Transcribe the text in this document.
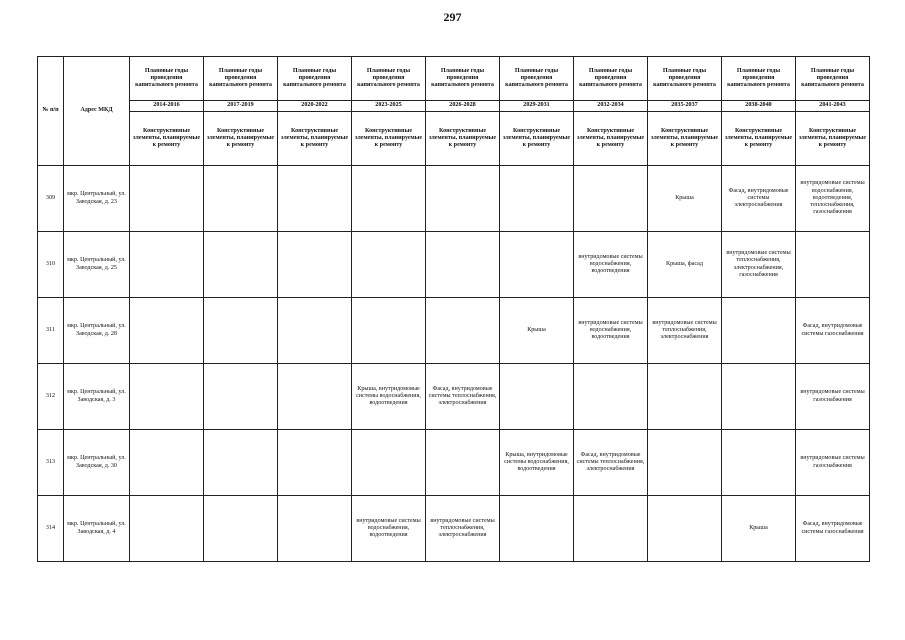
297
№ п/п	Адрес МКД	Плановые годы проведения капитального ремонта	Плановые годы проведения капитального ремонта	Плановые годы проведения капитального ремонта	Плановые годы проведения капитального ремонта	Плановые годы проведения капитального ремонта	Плановые годы проведения капитального ремонта	Плановые годы проведения капитального ремонта	Плановые годы проведения капитального ремонта	Плановые годы проведения капитального ремонта	Плановые годы проведения капитального ремонта
		2014-2016	2017-2019	2020-2022	2023-2025	2026-2028	2029-2031	2032-2034	2035-2037	2038-2040	2041-2043
		Конструктивные элементы, планируемые к ремонту	Конструктивные элементы, планируемые к ремонту	Конструктивные элементы, планируемые к ремонту	Конструктивные элементы, планируемые к ремонту	Конструктивные элементы, планируемые к ремонту	Конструктивные элементы, планируемые к ремонту	Конструктивные элементы, планируемые к ремонту	Конструктивные элементы, планируемые к ремонту	Конструктивные элементы, планируемые к ремонту	Конструктивные элементы, планируемые к ремонту
309	мкр. Центральный, ул. Заводская, д. 23								Крыша	Фасад, внутридомовые системы электроснабжения	внутридомовые системы водоснабжения, водоотведения, теплоснабжения, газоснабжения
310	мкр. Центральный, ул. Заводская, д. 25							внутридомовые системы водоснабжения, водоотведения	Крыша, фасад	внутридомовые системы теплоснабжения, электроснабжения, газоснабжения	
311	мкр. Центральный, ул. Заводская, д. 28						Крыша	внутридомовые системы водоснабжения, водоотведения	внутридомовые системы теплоснабжения, электроснабжения		Фасад, внутридомовые системы газоснабжения
312	мкр. Центральный, ул. Заводская, д. 3				Крыша, внутридомовые системы водоснабжения, водоотведения	Фасад, внутридомовые системы теплоснабжения, электроснабжения					внутридомовые системы газоснабжения
313	мкр. Центральный, ул. Заводская, д. 30						Крыша, внутридомовые системы водоснабжения, водоотведения	Фасад, внутридомовые системы теплоснабжения, электроснабжения			внутридомовые системы газоснабжения
314	мкр. Центральный, ул. Заводская, д. 4				внутридомовые системы водоснабжения, водоотведения	внутридомовые системы теплоснабжения, электроснабжения				Крыша	Фасад, внутридомовые системы газоснабжения
